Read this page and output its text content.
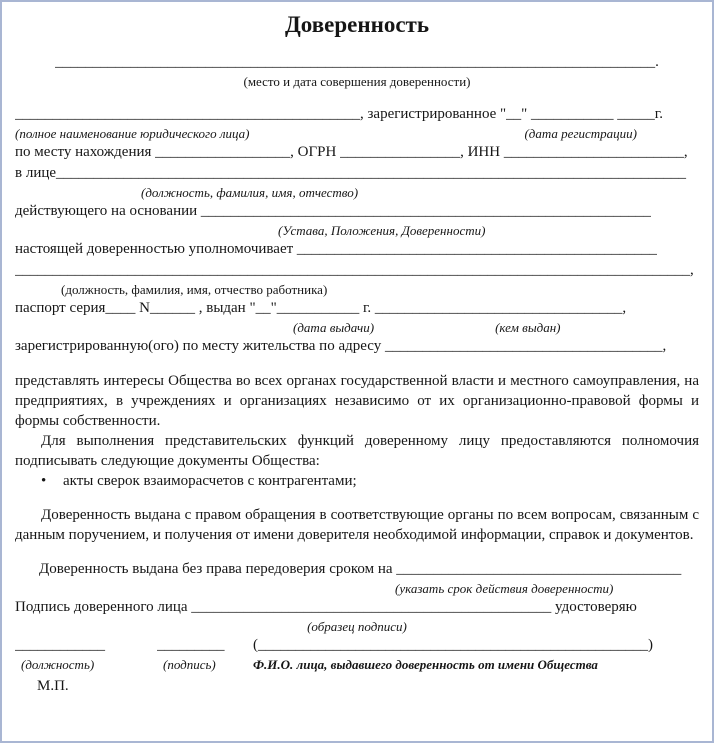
Доверенность
________________________________________________________________________________.
(место и дата совершения доверенности)
______________________________________________, зарегистрированное "__" ___________ _____г.
(полное наименование юридического лица)	(дата регистрации)
по месту нахождения __________________, ОГРН ________________, ИНН ________________________,
в лице____________________________________________________________________________________
(должность, фамилия, имя, отчество)
действующего на основании ____________________________________________________________
(Устава, Положения, Доверенности)
настоящей доверенностью уполномочивает ________________________________________________
__________________________________________________________________________________________,
(должность, фамилия, имя, отчество работника)
паспорт серия____ N______ , выдан "__"___________ г. _________________________________,
(дата выдачи)	(кем выдан)
зарегистрированную(ого) по месту жительства по адресу _____________________________________,
представлять интересы Общества во всех органах государственной власти и местного самоуправления, на предприятиях, в учреждениях и организациях независимо от их организационно-правовой формы и формы собственности.
Для выполнения представительских функций доверенному лицу предоставляются полномочия подписывать следующие документы Общества:
•	акты сверок взаиморасчетов с контрагентами;
Доверенность выдана с правом обращения в соответствующие органы по всем вопросам, связанным с данным поручением, и получения от имени доверителя необходимой информации, справок и документов.
Доверенность выдана без права передоверия сроком на ______________________________________
(указать срок действия доверенности)
Подпись доверенного лица ________________________________________________ удостоверяю
(образец подписи)
____________	_________	(____________________________________________________)
(должность)	(подпись)	Ф.И.О. лица, выдавшего доверенность от имени Общества
М.П.
